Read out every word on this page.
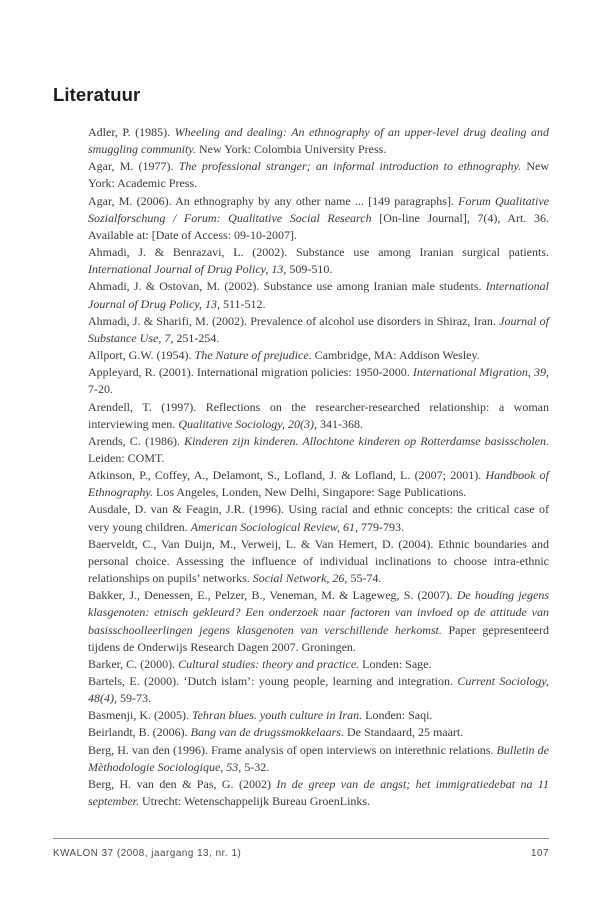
Literatuur

Adler, P. (1985). Wheeling and dealing: An ethnography of an upper-level drug dealing and smuggling community. New York: Colombia University Press.

Agar, M. (1977). The professional stranger; an informal introduction to ethnography. New York: Academic Press.

Agar, M. (2006). An ethnography by any other name ... [149 paragraphs]. Forum Qualitative Sozialforschung / Forum: Qualitative Social Research [On-line Journal], 7(4), Art. 36. Available at: [Date of Access: 09-10-2007].

Ahmadi, J. & Benrazavi, L. (2002). Substance use among Iranian surgical patients. International Journal of Drug Policy, 13, 509-510.

Ahmadi, J. & Ostovan, M. (2002). Substance use among Iranian male students. International Journal of Drug Policy, 13, 511-512.

Ahmadi, J. & Sharifi, M. (2002). Prevalence of alcohol use disorders in Shiraz, Iran. Journal of Substance Use, 7, 251-254.

Allport, G.W. (1954). The Nature of prejudice. Cambridge, MA: Addison Wesley.

Appleyard, R. (2001). International migration policies: 1950-2000. International Migration, 39, 7-20.

Arendell, T. (1997). Reflections on the researcher-researched relationship: a woman interviewing men. Qualitative Sociology, 20(3), 341-368.

Arends, C. (1986). Kinderen zijn kinderen. Allochtone kinderen op Rotterdamse basisscholen. Leiden: COMT.

Atkinson, P., Coffey, A., Delamont, S., Lofland, J. & Lofland, L. (2007; 2001). Handbook of Ethnography. Los Angeles, Londen, New Delhi, Singapore: Sage Publications.

Ausdale, D. van & Feagin, J.R. (1996). Using racial and ethnic concepts: the critical case of very young children. American Sociological Review, 61, 779-793.

Baerveldt, C., Van Duijn, M., Verweij, L. & Van Hemert, D. (2004). Ethnic boundaries and personal choice. Assessing the influence of individual inclinations to choose intra-ethnic relationships on pupils’ networks. Social Network, 26, 55-74.

Bakker, J., Denessen, E., Pelzer, B., Veneman, M. & Lageweg, S. (2007). De houding jegens klasgenoten: etnisch gekleurd? Een onderzoek naar factoren van invloed op de attitude van basisschoolleerlingen jegens klasgenoten van verschillende herkomst. Paper gepresenteerd tijdens de Onderwijs Research Dagen 2007. Groningen.

Barker, C. (2000). Cultural studies: theory and practice. Londen: Sage.

Bartels, E. (2000). ‘Dutch islam’: young people, learning and integration. Current Sociology, 48(4), 59-73.

Basmenji, K. (2005). Tehran blues. youth culture in Iran. Londen: Saqi.

Beirlandt, B. (2006). Bang van de drugssmokkelaars. De Standaard, 25 maart.

Berg, H. van den (1996). Frame analysis of open interviews on interethnic relations. Bulletin de Mèthodologie Sociologique, 53, 5-32.

Berg, H. van den & Pas, G. (2002) In de greep van de angst; het immigratiedebat na 11 september. Utrecht: Wetenschappelijk Bureau GroenLinks.

KWALON 37 (2008, jaargang 13, nr. 1)	107
